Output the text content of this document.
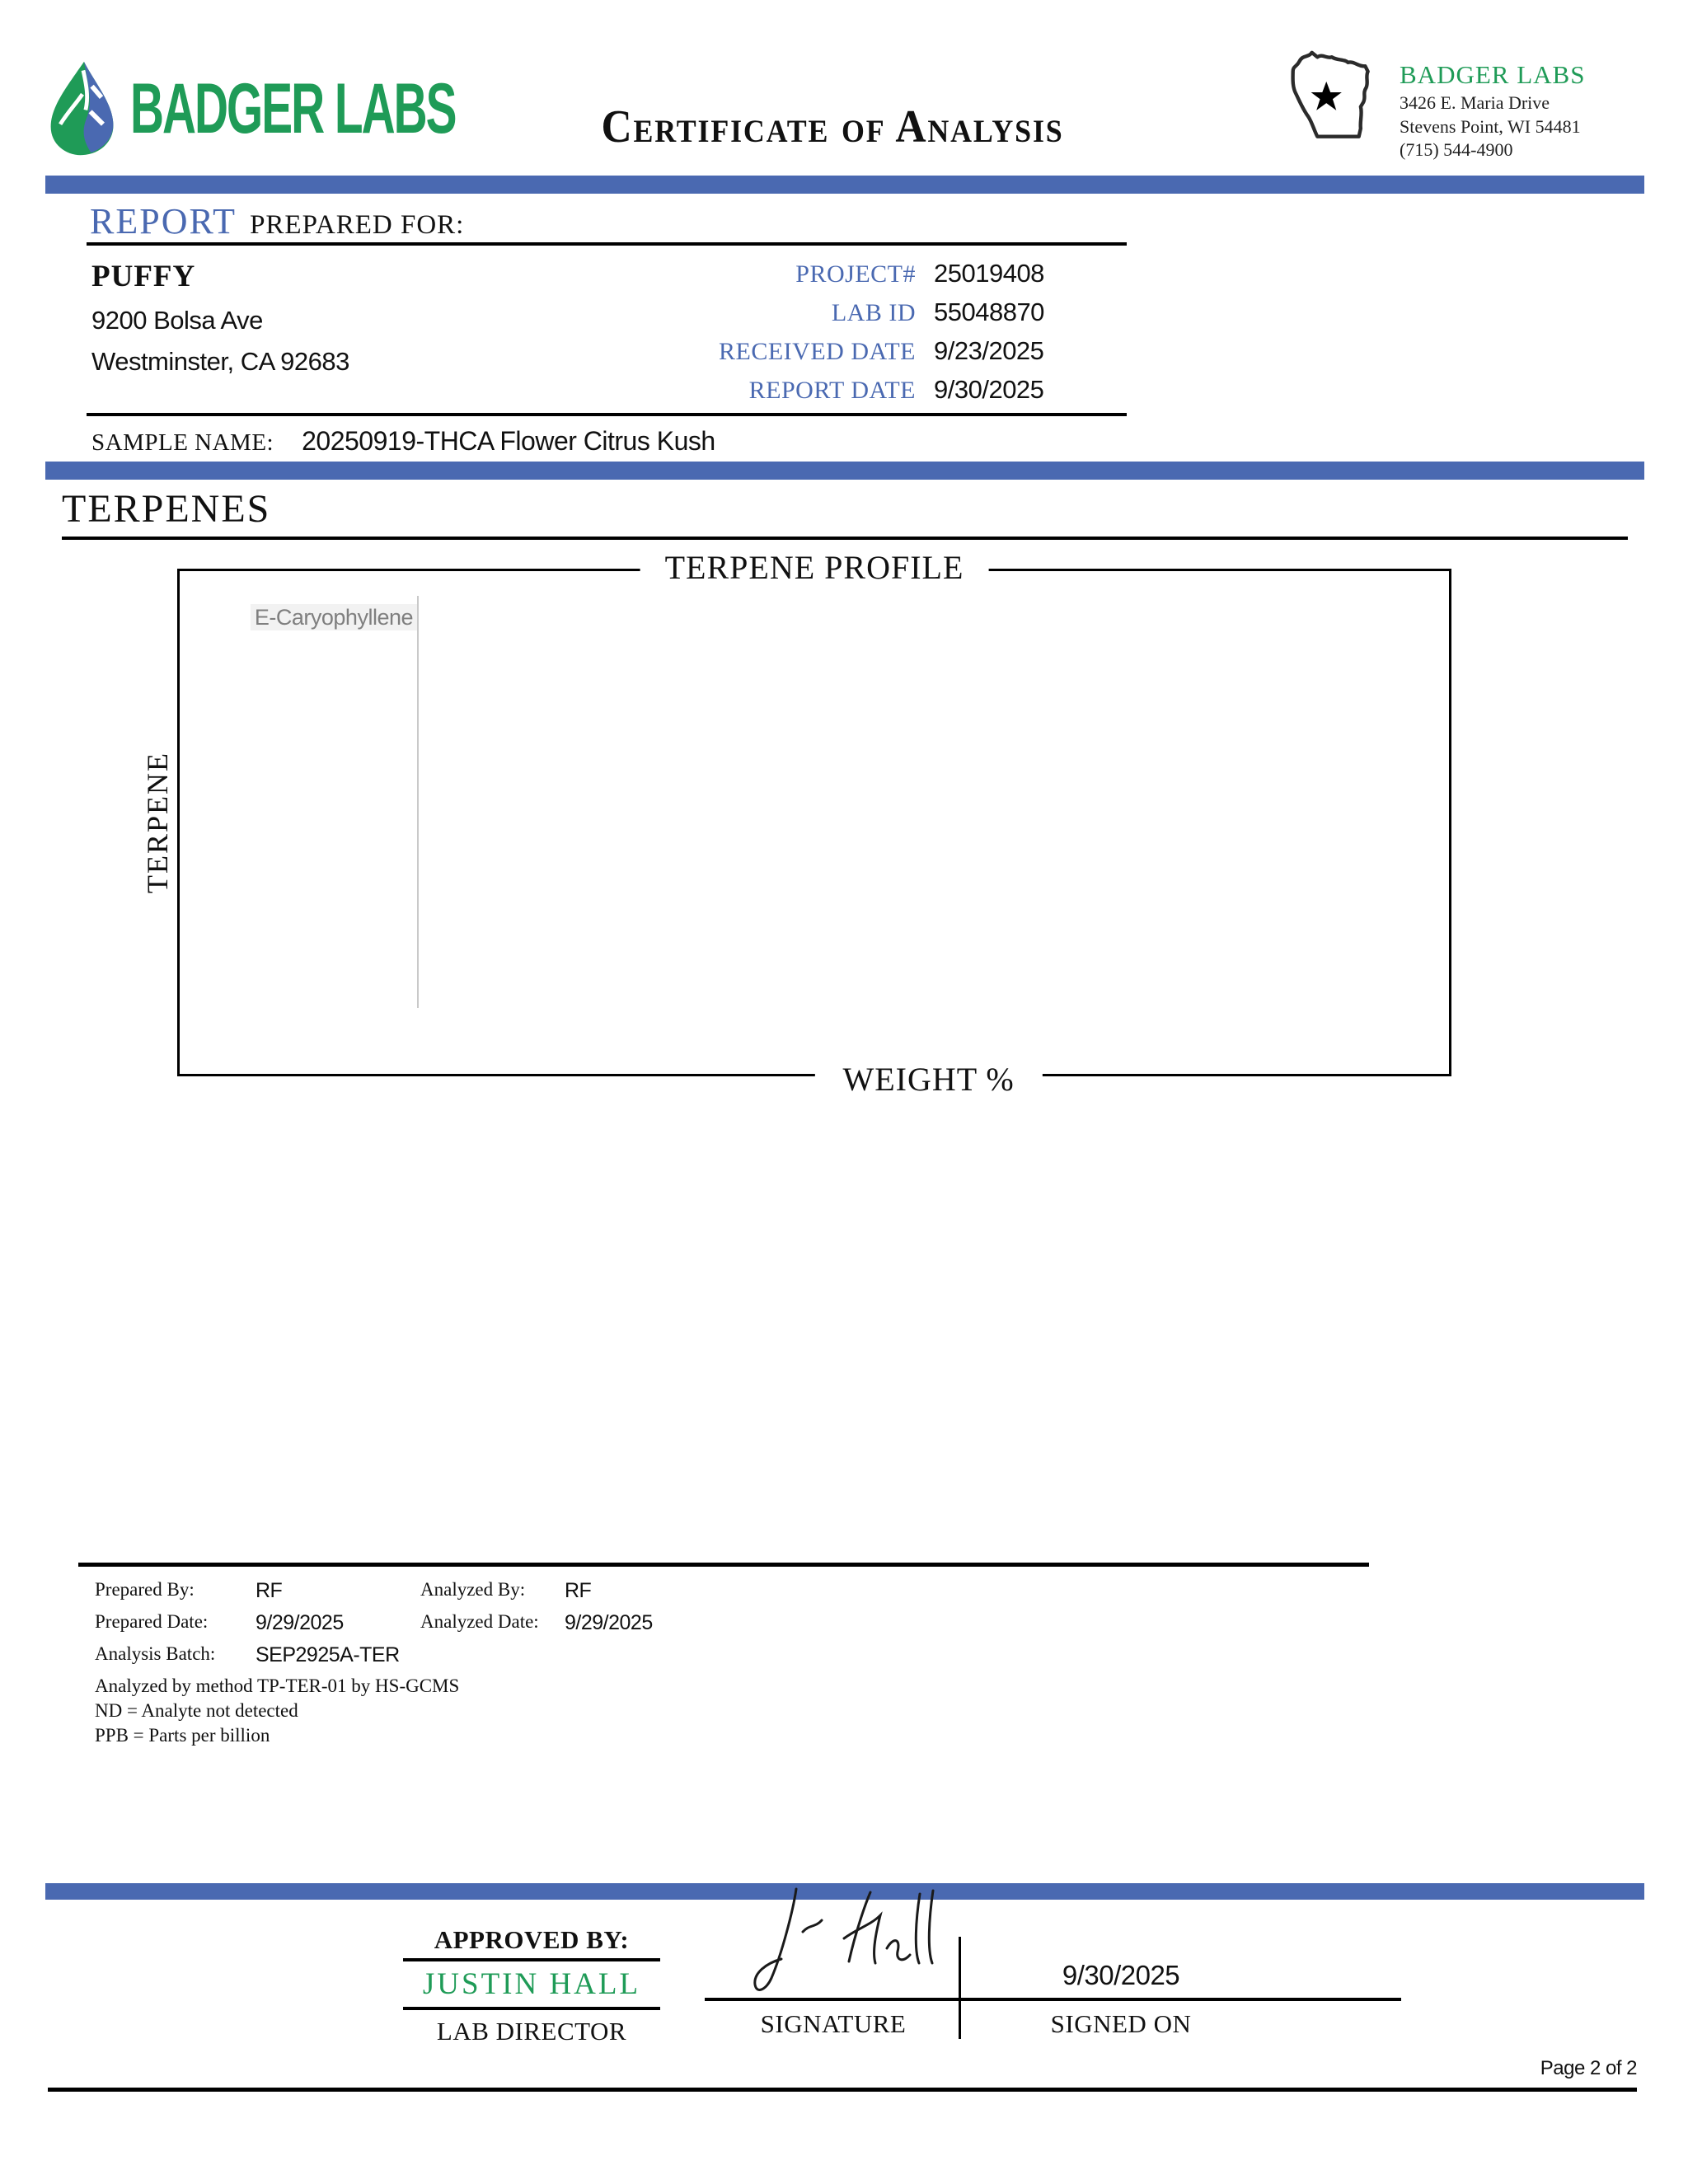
BADGER LABS	Certificate of Analysis
BADGER LABS
3426 E. Maria Drive
Stevens Point, WI 54481
(715) 544-4900
REPORT PREPARED FOR:
PUFFY
9200 Bolsa Ave
Westminster, CA 92683
PROJECT# 25019408
LAB ID 55048870
RECEIVED DATE 9/23/2025
REPORT DATE 9/30/2025
SAMPLE NAME: 20250919-THCA Flower Citrus Kush
TERPENES
TERPENE PROFILE
TERPENE
WEIGHT %
E-Caryophyllene
Prepared By:	RF	Analyzed By:	RF
Prepared Date:	9/29/2025	Analyzed Date:	9/29/2025
Analysis Batch:	SEP2925A-TER
Analyzed by method TP-TER-01 by HS-GCMS
ND = Analyte not detected
PPB = Parts per billion
APPROVED BY:
JUSTIN HALL
LAB DIRECTOR	SIGNATURE
9/30/2025
SIGNED ON
Page 2 of 2
